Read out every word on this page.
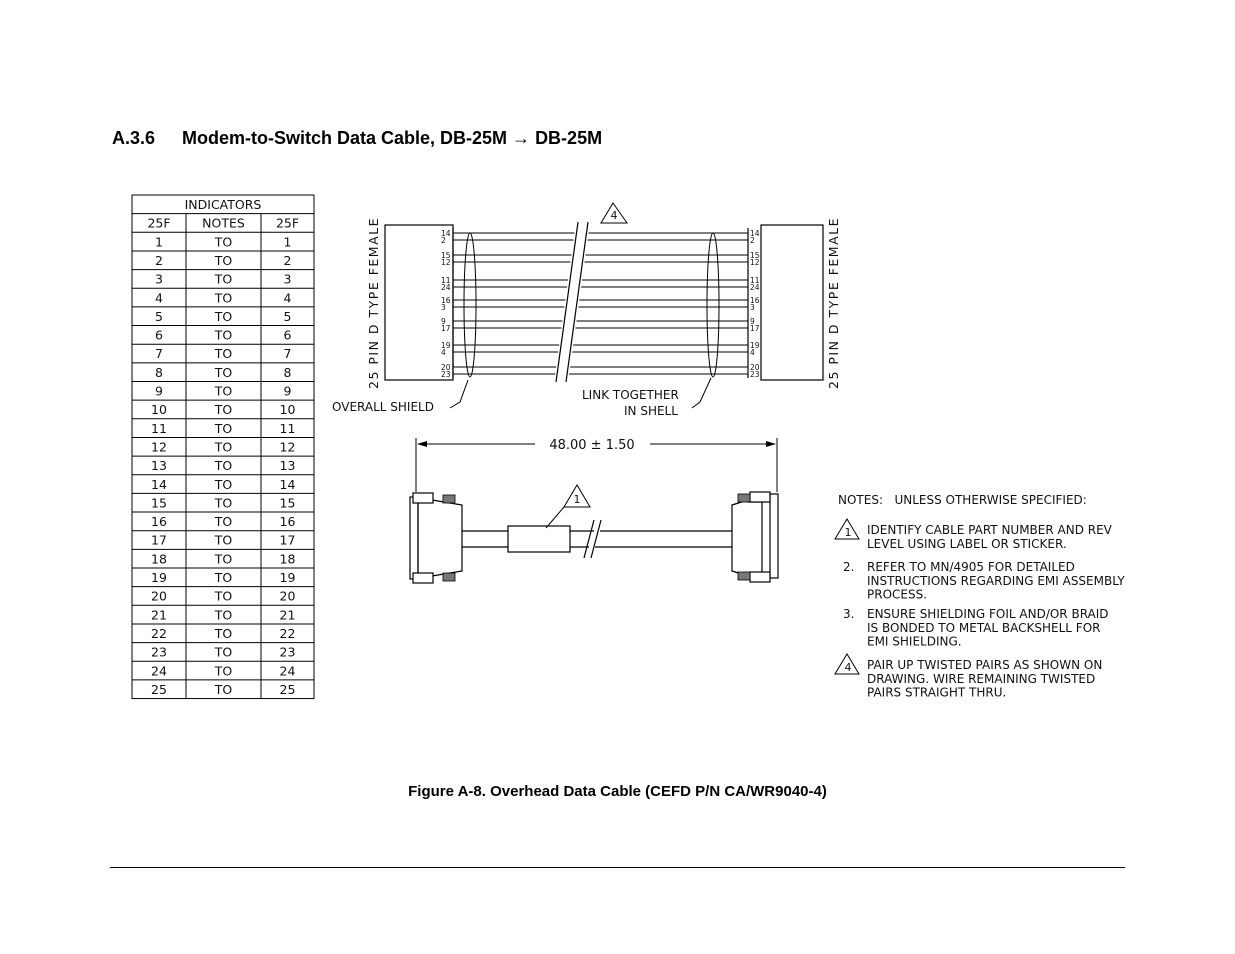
A.3.6 Modem-to-Switch Data Cable, DB-25M → DB-25M
INDICATORS
25F	NOTES 25F
1	TO	1
2	TO	2
3	TO	3
4	TO	4
5	TO	5
6	TO	6
7	TO	7
8	TO	8
9	TO	9
10	TO	10
11	TO	11
12	TO	12
13	TO	13
14	TO	14
15	TO	15
16	TO	16
17	TO	17
18	TO	18
19	TO	19
20	TO	20
21	TO	21
22	TO	22
23	TO	23
24	TO	24
25	TO	25
14
2
15
12
11
24
16
3
9
17
19
4
20
23
14
2
15
12
11
24
16
3
9
17
19
4
20
23
25 PIN D TYPE FEMALE	25 PIN D TYPE FEMALE
4
OVERALL SHIELD
LINK TOGETHER
IN SHELL
48.00 ± 1.50
1	NOTES:   UNLESS OTHERWISE SPECIFIED:
1 IDENTIFY CABLE PART NUMBER AND REV
LEVEL USING LABEL OR STICKER.
2. REFER TO MN/4905 FOR DETAILED
INSTRUCTIONS REGARDING EMI ASSEMBLY
PROCESS.
3. ENSURE SHIELDING FOIL AND/OR BRAID
IS BONDED TO METAL BACKSHELL FOR
EMI SHIELDING.
4 PAIR UP TWISTED PAIRS AS SHOWN ON
DRAWING. WIRE REMAINING TWISTED
PAIRS STRAIGHT THRU.
Figure A-8. Overhead Data Cable (CEFD P/N CA/WR9040-4)
